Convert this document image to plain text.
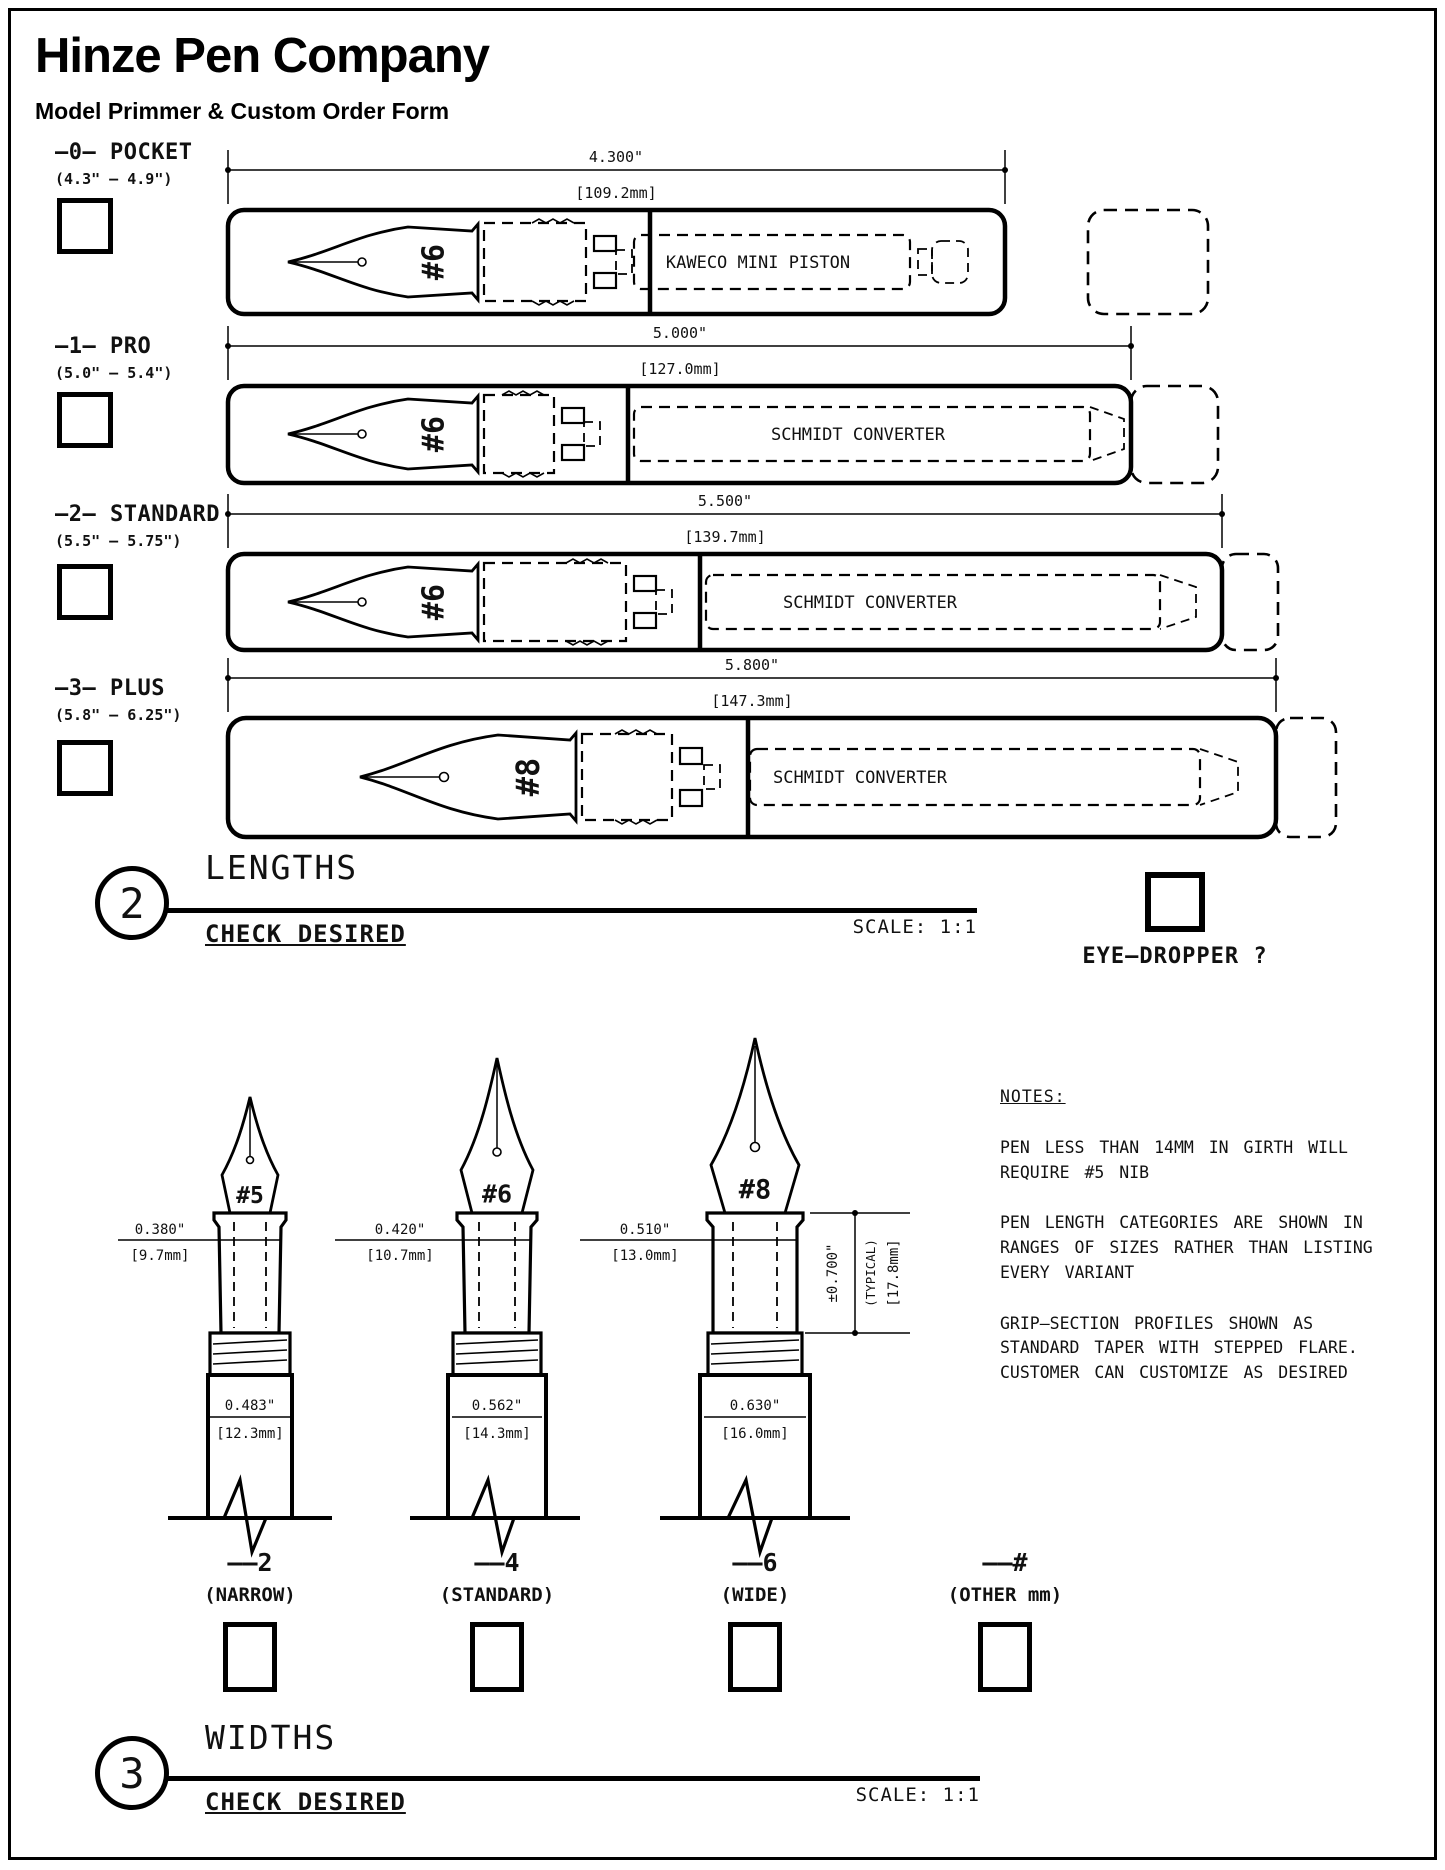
Hinze Pen Company
Model Primmer & Custom Order Form
–0– POCKET
(4.3" – 4.9")
–1– PRO
(5.0" – 5.4")
–2– STANDARD
(5.5" – 5.75")
–3– PLUS
(5.8" – 6.25")
4.300"
[109.2mm]
#6	KAWECO MINI PISTON
5.000"
[127.0mm]
#6	SCHMIDT CONVERTER
5.500"
[139.7mm]
#6	SCHMIDT CONVERTER
5.800"
[147.3mm]
#8	SCHMIDT CONVERTER
2
LENGTHS
CHECK DESIRED	SCALE: 1:1
EYE–DROPPER ?
#5
0.380"
[9.7mm]
0.483"
[12.3mm]
#6
0.420"
[10.7mm]
0.562"
[14.3mm]
#8
0.510"
[13.0mm]
0.630"
[16.0mm]
±0.700" (TYPICAL) [17.8mm]

NOTES:

PEN LESS THAN 14MM IN GIRTH WILL REQUIRE #5 NIB

PEN LENGTH CATEGORIES ARE SHOWN IN RANGES OF SIZES RATHER THAN LISTING EVERY VARIANT

GRIP–SECTION PROFILES SHOWN AS STANDARD TAPER WITH STEPPED FLARE. CUSTOMER CAN CUSTOMIZE AS DESIRED

––2
(NARROW)
––4
(STANDARD)
––6
(WIDE)
––#
(OTHER mm)
3
WIDTHS
CHECK DESIRED	SCALE: 1:1
